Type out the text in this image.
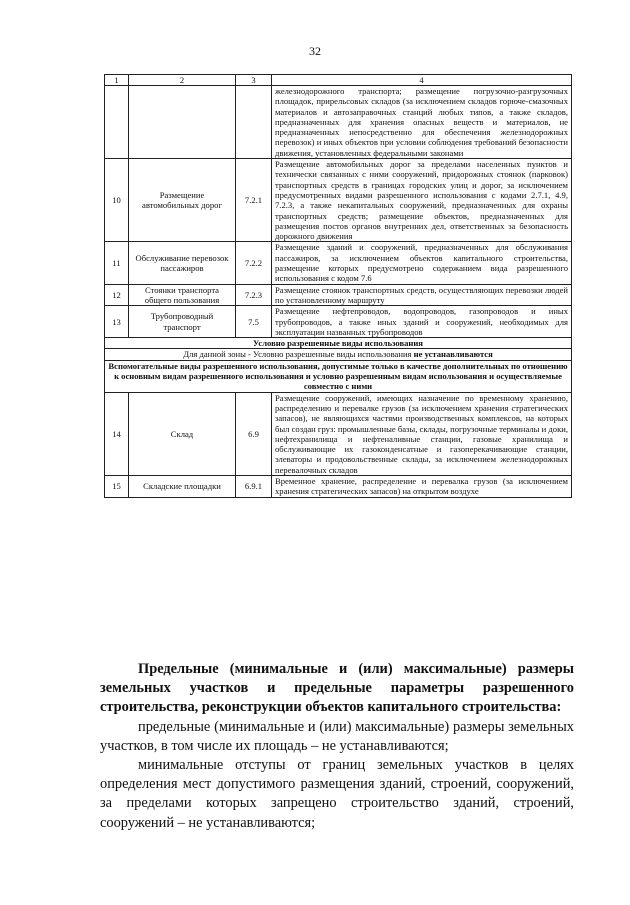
32
1	2	3	4
			железнодорожного транспорта; размещение погрузочно-разгрузочных площадок, прирельсовых складов (за исключением складов горюче-смазочных материалов и автозаправочных станций любых типов, а также складов, предназначенных для хранения опасных веществ и материалов, не предназначенных непосредственно для обеспечения железнодорожных перевозок) и иных объектов при условии соблюдения требований безопасности движения, установленных федеральными законами
10	Размещение автомобильных дорог	7.2.1	Размещение автомобильных дорог за пределами населенных пунктов и технически связанных с ними сооружений, придорожных стоянок (парковок) транспортных средств в границах городских улиц и дорог, за исключением предусмотренных видами разрешенного использования с кодами 2.7.1, 4.9, 7.2.3, а также некапитальных сооружений, предназначенных для охраны транспортных средств; размещение объектов, предназначенных для размещения постов органов внутренних дел, ответственных за безопасность дорожного движения
11	Обслуживание перевозок пассажиров	7.2.2	Размещение зданий и сооружений, предназначенных для обслуживания пассажиров, за исключением объектов капитального строительства, размещение которых предусмотрено содержанием вида разрешенного использования с кодом 7.6
12	Стоянки транспорта общего пользования	7.2.3	Размещение стоянок транспортных средств, осуществляющих перевозки людей по установленному маршруту
13	Трубопроводный транспорт	7.5	Размещение нефтепроводов, водопроводов, газопроводов и иных трубопроводов, а также иных зданий и сооружений, необходимых для эксплуатации названных трубопроводов
Условно разрешенные виды использования			
Для данной зоны - Условно разрешенные виды использования не устанавливаются			
Вспомогательные виды разрешенного использования, допустимые только в качестве дополнительных по отношению к основным видам разрешенного использования и условно разрешенным видам использования и осуществляемые совместно с ними			
14	Склад	6.9	Размещение сооружений, имеющих назначение по временному хранению, распределению и перевалке грузов (за исключением хранения стратегических запасов), не являющихся частями производственных комплексов, на которых был создан груз: промышленные базы, склады, погрузочные терминалы и доки, нефтехранилища и нефтеналивные станции, газовые хранилища и обслуживающие их газоконденсатные и газоперекачивающие станции, элеваторы и продовольственные склады, за исключением железнодорожных перевалочных складов
15	Складские площадки	6.9.1	Временное хранение, распределение и перевалка грузов (за исключением хранения стратегических запасов) на открытом воздухе

Предельные (минимальные и (или) максимальные) размеры земельных участков и предельные параметры разрешенного строительства, реконструкции объектов капитального строительства:

предельные (минимальные и (или) максимальные) размеры земельных участков, в том числе их площадь – не устанавливаются;

минимальные отступы от границ земельных участков в целях определения мест допустимого размещения зданий, строений, сооружений, за пределами которых запрещено строительство зданий, строений, сооружений – не устанавливаются;
